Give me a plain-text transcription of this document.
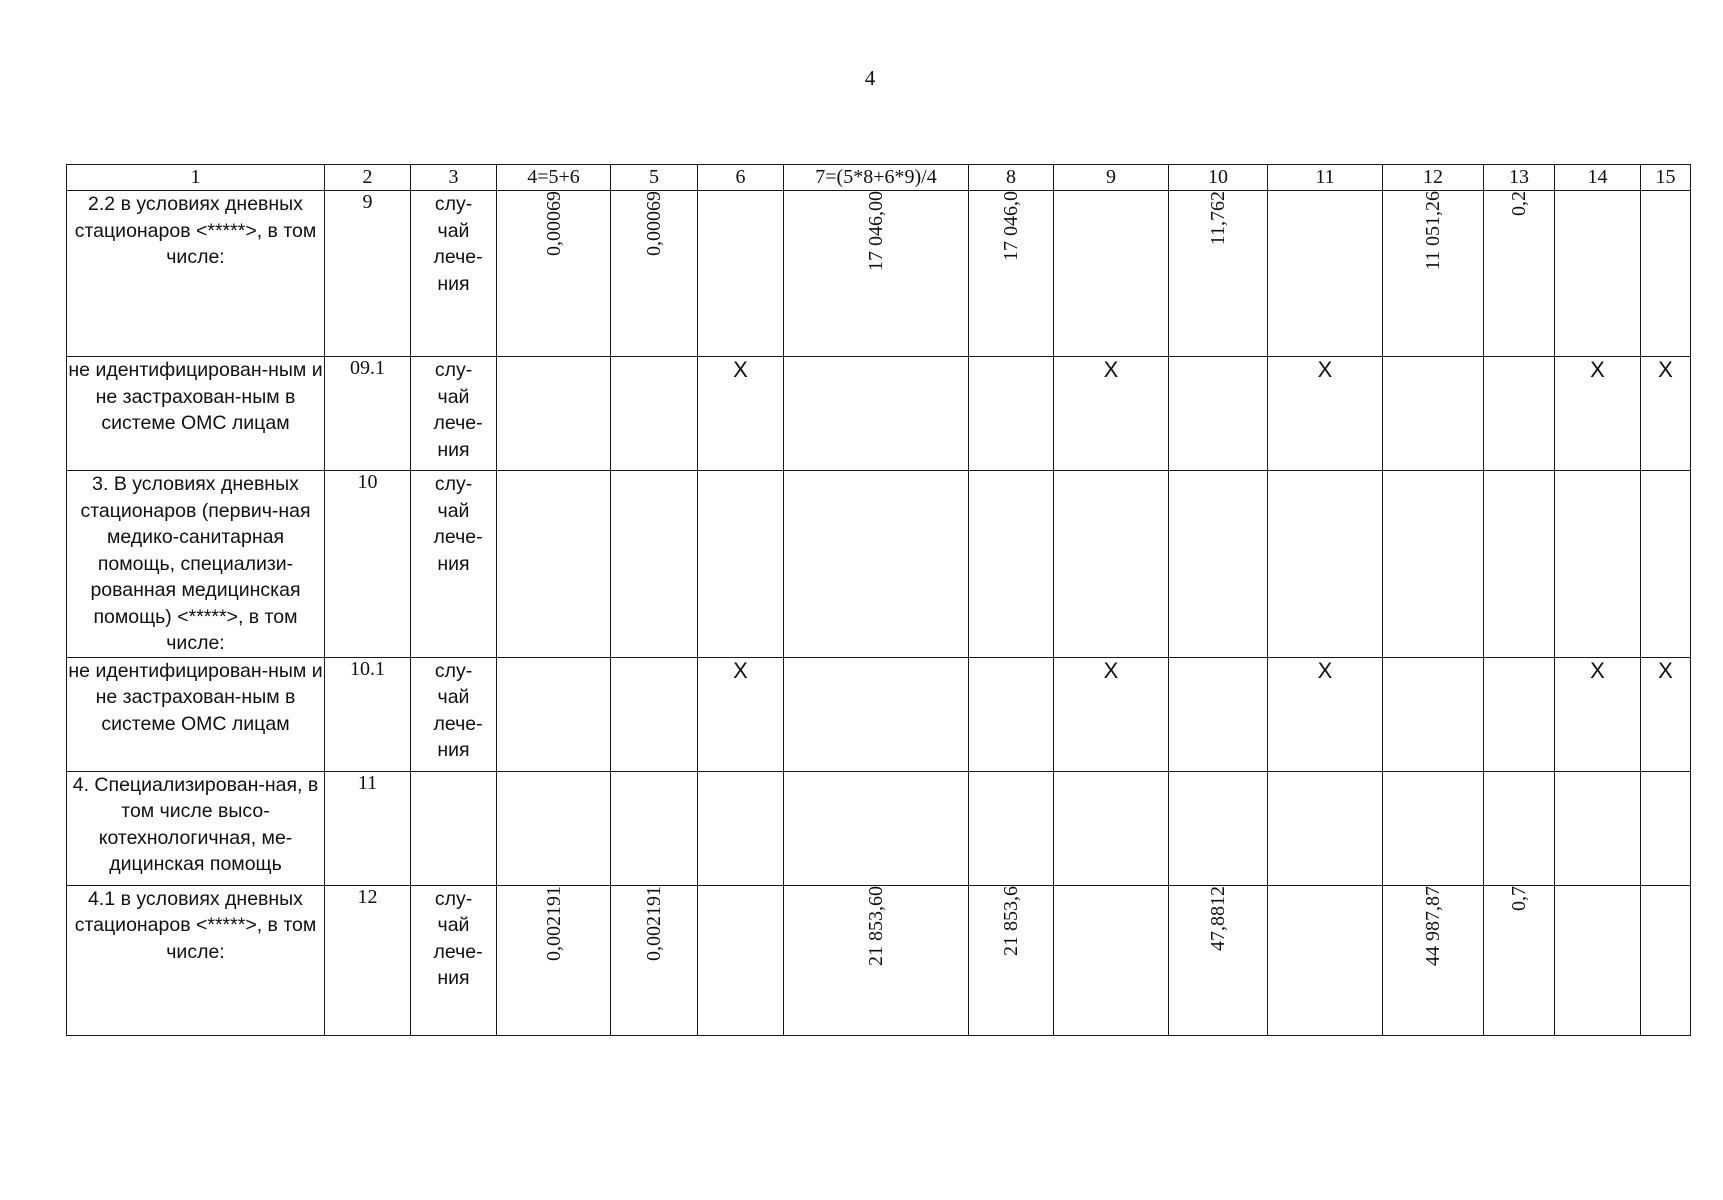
4
1	2	3	4=5+6	5	6	7=(5*8+6*9)/4	8	9	10	11	12	13	14	15
2.2 в условиях дневных стационаров <*****>, в том числе:	9	слу-чай лече-ния	0,00069	0,00069		17 046,00	17 046,0		11,762		11 051,26	0,2		
не идентифицирован-ным и не застрахован-ным в системе ОМС лицам	09.1	слу-чай лече-ния			X			X		X			X	X
3. В условиях дневных стационаров (первич-ная медико-санитарная помощь, специализи-рованная медицинская помощь) <*****>, в том числе:	10	слу-чай лече-ния												

не идентифицирован-ным и не застрахован-ным в системе ОМС лицам	10.1	слу-чай лече-ния			X			X		X			X	X
4. Специализирован-ная, в том числе высо-котехнологичная, ме-дицинская помощь	11													
4.1 в условиях дневных стационаров <*****>, в том числе:	12	слу-чай лече-ния	0,002191	0,002191		21 853,60	21 853,6		47,8812		44 987,87	0,7		
